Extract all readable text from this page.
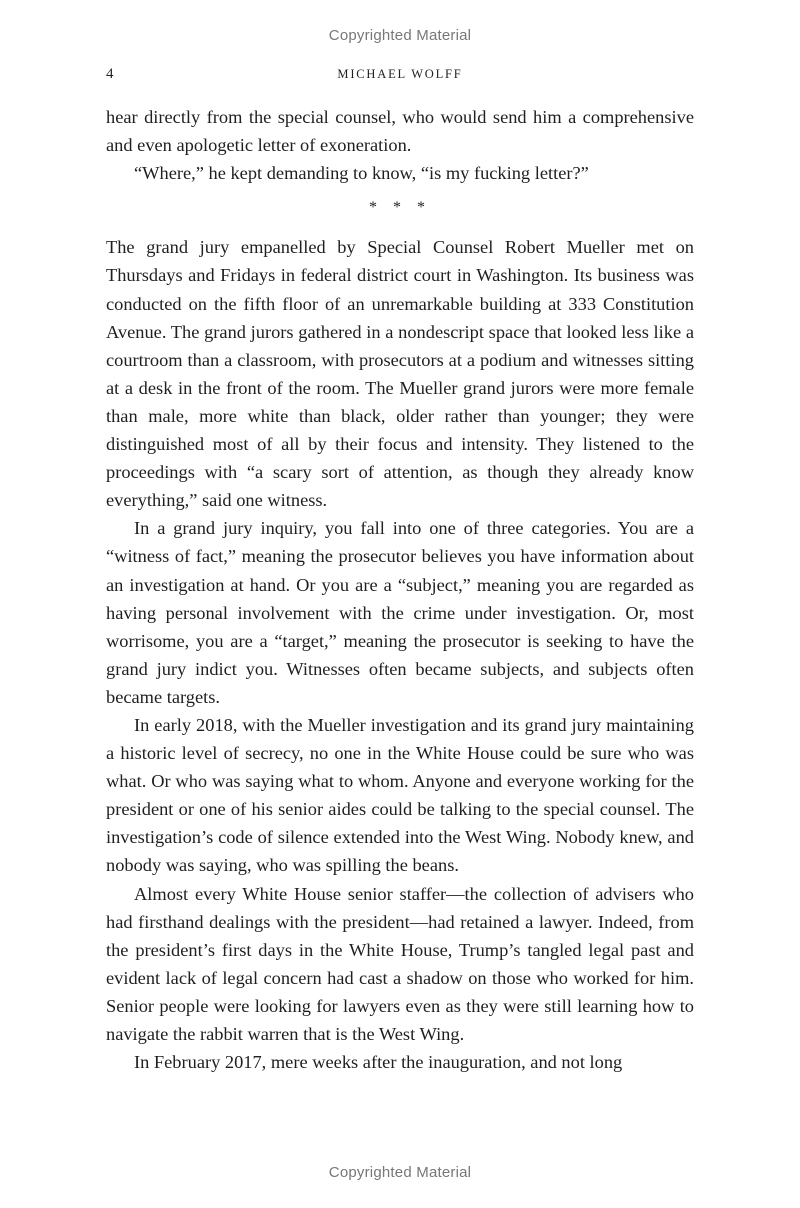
Copyrighted Material
4	MICHAEL WOLFF

hear directly from the special counsel, who would send him a comprehensive and even apologetic letter of exoneration.

“Where,” he kept demanding to know, “is my fucking letter?”

* * *

The grand jury empanelled by Special Counsel Robert Mueller met on Thursdays and Fridays in federal district court in Washington. Its business was conducted on the fifth floor of an unremarkable building at 333 Constitution Avenue. The grand jurors gathered in a nondescript space that looked less like a courtroom than a classroom, with prosecutors at a podium and witnesses sitting at a desk in the front of the room. The Mueller grand jurors were more female than male, more white than black, older rather than younger; they were distinguished most of all by their focus and intensity. They listened to the proceedings with “a scary sort of attention, as though they already know everything,” said one witness.

In a grand jury inquiry, you fall into one of three categories. You are a “witness of fact,” meaning the prosecutor believes you have information about an investigation at hand. Or you are a “subject,” meaning you are regarded as having personal involvement with the crime under investigation. Or, most worrisome, you are a “target,” meaning the prosecutor is seeking to have the grand jury indict you. Witnesses often became subjects, and subjects often became targets.

In early 2018, with the Mueller investigation and its grand jury maintaining a historic level of secrecy, no one in the White House could be sure who was what. Or who was saying what to whom. Anyone and everyone working for the president or one of his senior aides could be talking to the special counsel. The investigation’s code of silence extended into the West Wing. Nobody knew, and nobody was saying, who was spilling the beans.

Almost every White House senior staffer—the collection of advisers who had firsthand dealings with the president—had retained a lawyer. Indeed, from the president’s first days in the White House, Trump’s tangled legal past and evident lack of legal concern had cast a shadow on those who worked for him. Senior people were looking for lawyers even as they were still learning how to navigate the rabbit warren that is the West Wing.

In February 2017, mere weeks after the inauguration, and not long

Copyrighted Material
